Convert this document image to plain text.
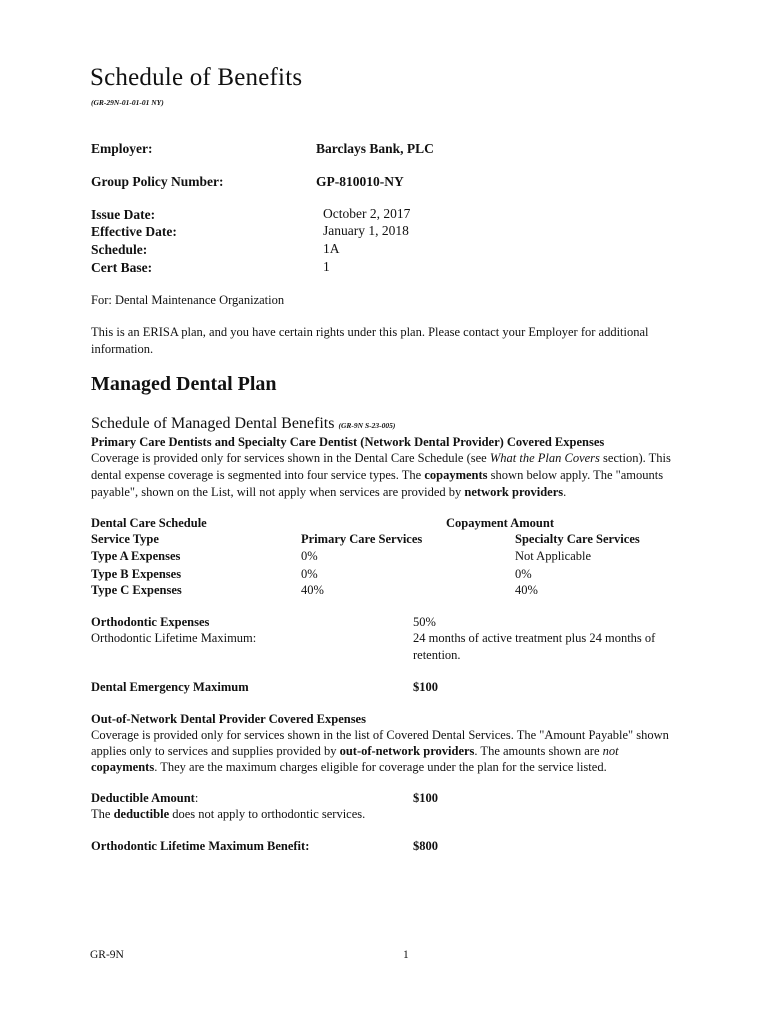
Schedule of Benefits
(GR-29N-01-01-01 NY)
Employer:	Barclays Bank, PLC
Group Policy Number:	GP-810010-NY
Issue Date:	October 2, 2017
Effective Date:	January 1, 2018
Schedule:	1A
Cert Base:	1
For: Dental Maintenance Organization
This is an ERISA plan, and you have certain rights under this plan. Please contact your Employer for additional
information.
Managed Dental Plan
Schedule of Managed Dental Benefits (GR-9N S-23-005)
Primary Care Dentists and Specialty Care Dentist (Network Dental Provider) Covered Expenses
Coverage is provided only for services shown in the Dental Care Schedule (see What the Plan Covers section). This
dental expense coverage is segmented into four service types. The copayments shown below apply. The "amounts
payable", shown on the List, will not apply when services are provided by network providers.
Dental Care Schedule	Copayment Amount
Service Type	Primary Care Services	Specialty Care Services
Type A Expenses	0%	Not Applicable
Type B Expenses	0%	0%
Type C Expenses	40%	40%
Orthodontic Expenses	50%
Orthodontic Lifetime Maximum:	24 months of active treatment plus 24 months of
retention.
Dental Emergency Maximum	$100
Out-of-Network Dental Provider Covered Expenses
Coverage is provided only for services shown in the list of Covered Dental Services. The "Amount Payable" shown
applies only to services and supplies provided by out-of-network providers. The amounts shown are not
copayments. They are the maximum charges eligible for coverage under the plan for the service listed.
Deductible Amount:	$100
The deductible does not apply to orthodontic services.
Orthodontic Lifetime Maximum Benefit:	$800
GR-9N	1
